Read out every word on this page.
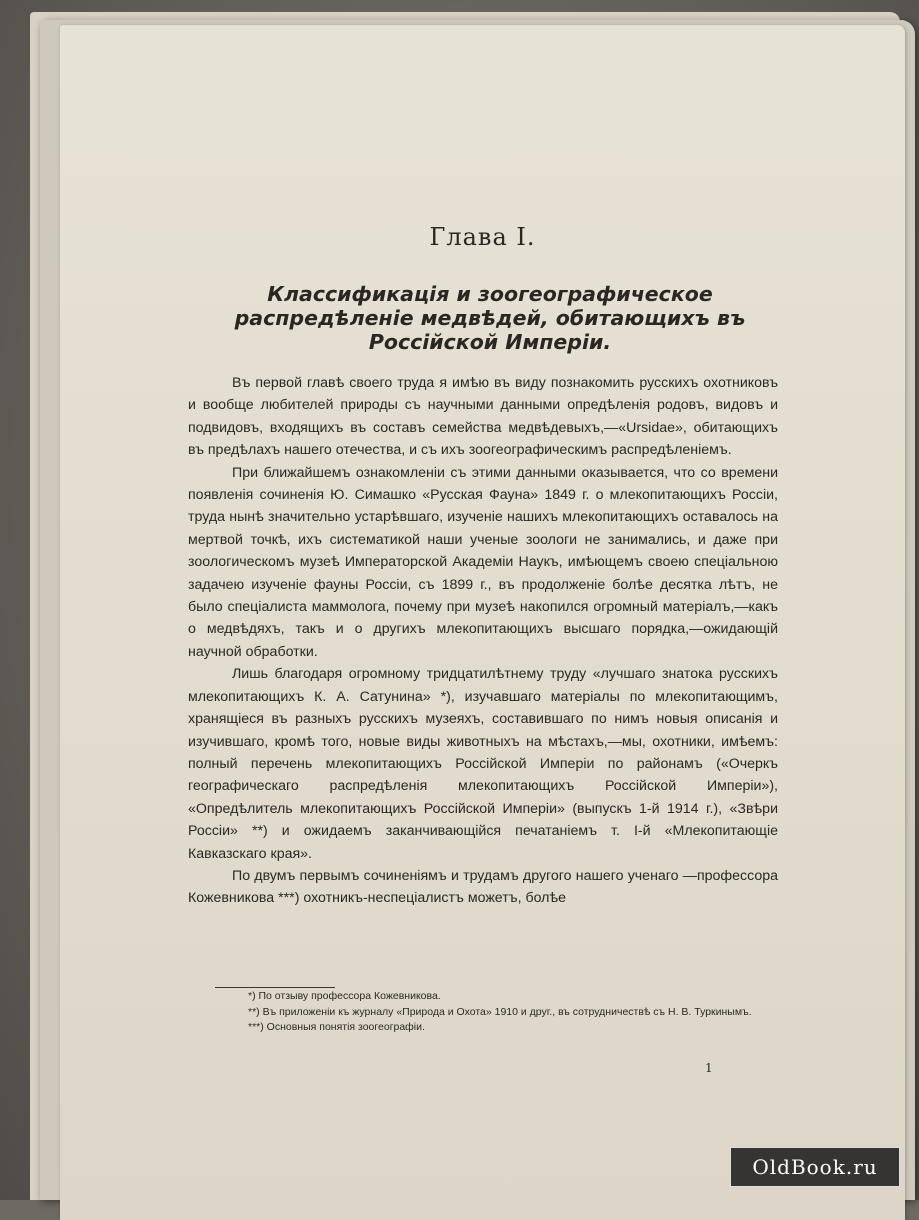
Глава I.
Классификація и зоогеографическое распредѣленіе медвѣдей, обитающихъ въ Россійской Имперіи.

Въ первой главѣ своего труда я имѣю въ виду познакомить русскихъ охотниковъ и вообще любителей природы съ научными данными опредѣленія родовъ, видовъ и подвидовъ, входящихъ въ составъ семейства медвѣдевыхъ,—«Ursidae», обитающихъ въ предѣлахъ нашего отечества, и съ ихъ зоогеографическимъ распредѣленіемъ.

При ближайшемъ ознакомленіи съ этими данными оказывается, что со времени появленія сочиненія Ю. Симашко «Русская Фауна» 1849 г. о млекопитающихъ Россіи, труда нынѣ значительно устарѣвшаго, изученіе нашихъ млекопитающихъ оставалось на мертвой точкѣ, ихъ систематикой наши ученые зоологи не занимались, и даже при зоологическомъ музеѣ Императорской Академіи Наукъ, имѣющемъ своею спеціальною задачею изученіе фауны Россіи, съ 1899 г., въ продолженіе болѣе десятка лѣтъ, не было спеціалиста маммолога, почему при музеѣ накопился огромный матеріалъ,—какъ о медвѣдяхъ, такъ и о другихъ млекопитающихъ высшаго порядка,—ожидающій научной обработки.

Лишь благодаря огромному тридцатилѣтнему труду «лучшаго знатока русскихъ млекопитающихъ К. А. Сатунина» *), изучавшаго матеріалы по млекопитающимъ, хранящіеся въ разныхъ русскихъ музеяхъ, составившаго по нимъ новыя описанія и изучившаго, кромѣ того, новые виды животныхъ на мѣстахъ,—мы, охотники, имѣемъ: полный перечень млекопитающихъ Россійской Имперіи по районамъ («Очеркъ географическаго распредѣленія млекопитающихъ Россійской Имперіи»), «Опредѣлитель млекопитающихъ Россійской Имперіи» (выпускъ 1-й 1914 г.), «Звѣри Россіи» **) и ожидаемъ заканчивающійся печатаніемъ т. I-й «Млекопитающіе Кавказскаго края».

По двумъ первымъ сочиненіямъ и трудамъ другого нашего ученаго —профессора Кожевникова ***) охотникъ-неспеціалистъ можетъ, болѣе

*) По отзыву профессора Кожевникова.
**) Въ приложеніи къ журналу «Природа и Охота» 1910 и друг., въ сотрудничествѣ съ Н. В. Туркинымъ.
***) Основныя понятія зоогеографіи.
1
OldBook.ru
